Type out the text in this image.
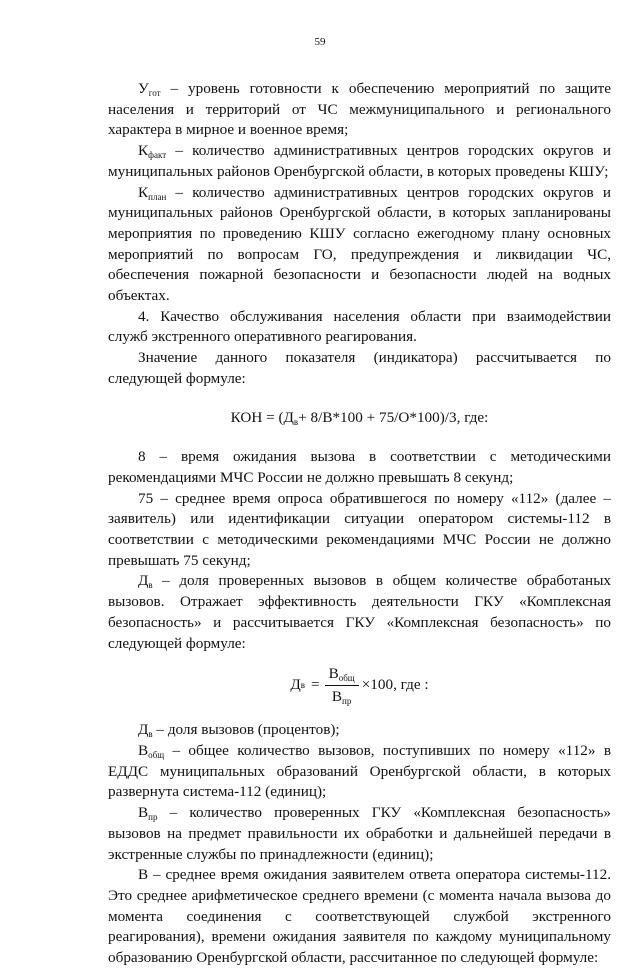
59

$У_{гот}$ – уровень готовности к обеспечению мероприятий по защите населения и территорий от ЧС межмуниципального и регионального характера в мирное и военное время;

$К_{факт}$ – количество административных центров городских округов и муниципальных районов Оренбургской области, в которых проведены КШУ;

$К_{план}$ – количество административных центров городских округов и муниципальных районов Оренбургской области, в которых запланированы мероприятия по проведению КШУ согласно ежегодному плану основных мероприятий по вопросам ГО, предупреждения и ликвидации ЧС, обеспечения пожарной безопасности и безопасности людей на водных объектах.

4. Качество обслуживания населения области при взаимодействии служб экстренного оперативного реагирования.

Значение данного показателя (индикатора) рассчитывается по следующей формуле:

КОН = $(Д_в+ 8/В*100 + 75/О*100)/3$, где:

8 – время ожидания вызова в соответствии с методическими рекомендациями МЧС России не должно превышать 8 секунд;

75 – среднее время опроса обратившегося по номеру «112» (далее – заявитель) или идентификации ситуации оператором системы-112 в соответствии с методическими рекомендациями МЧС России не должно превышать 75 секунд;

$Д_в$ – доля проверенных вызовов в общем количестве обработаных вызовов. Отражает эффективность деятельности ГКУ «Комплексная безопасность» и рассчитывается ГКУ «Комплексная безопасность» по следующей формуле:

Д $в = \frac{В_{общ}}{В_{пр}} \times 100$, где :

$Д_в$ – доля вызовов (процентов);

$В_{общ}$ – общее количество вызовов, поступивших по номеру «112» в ЕДДС муниципальных образований Оренбургской области, в которых развернута система-112 (единиц);

$В_{пр}$ – количество проверенных ГКУ «Комплексная безопасность» вызовов на предмет правильности их обработки и дальнейшей передачи в экстренные службы по принадлежности (единиц);

В – среднее время ожидания заявителем ответа оператора системы-112. Это среднее арифметическое среднего времени (с момента начала вызова до момента соединения с соответствующей службой экстренного реагирования), времени ожидания заявителя по каждому муниципальному образованию Оренбургской области, рассчитанное по следующей формуле:
